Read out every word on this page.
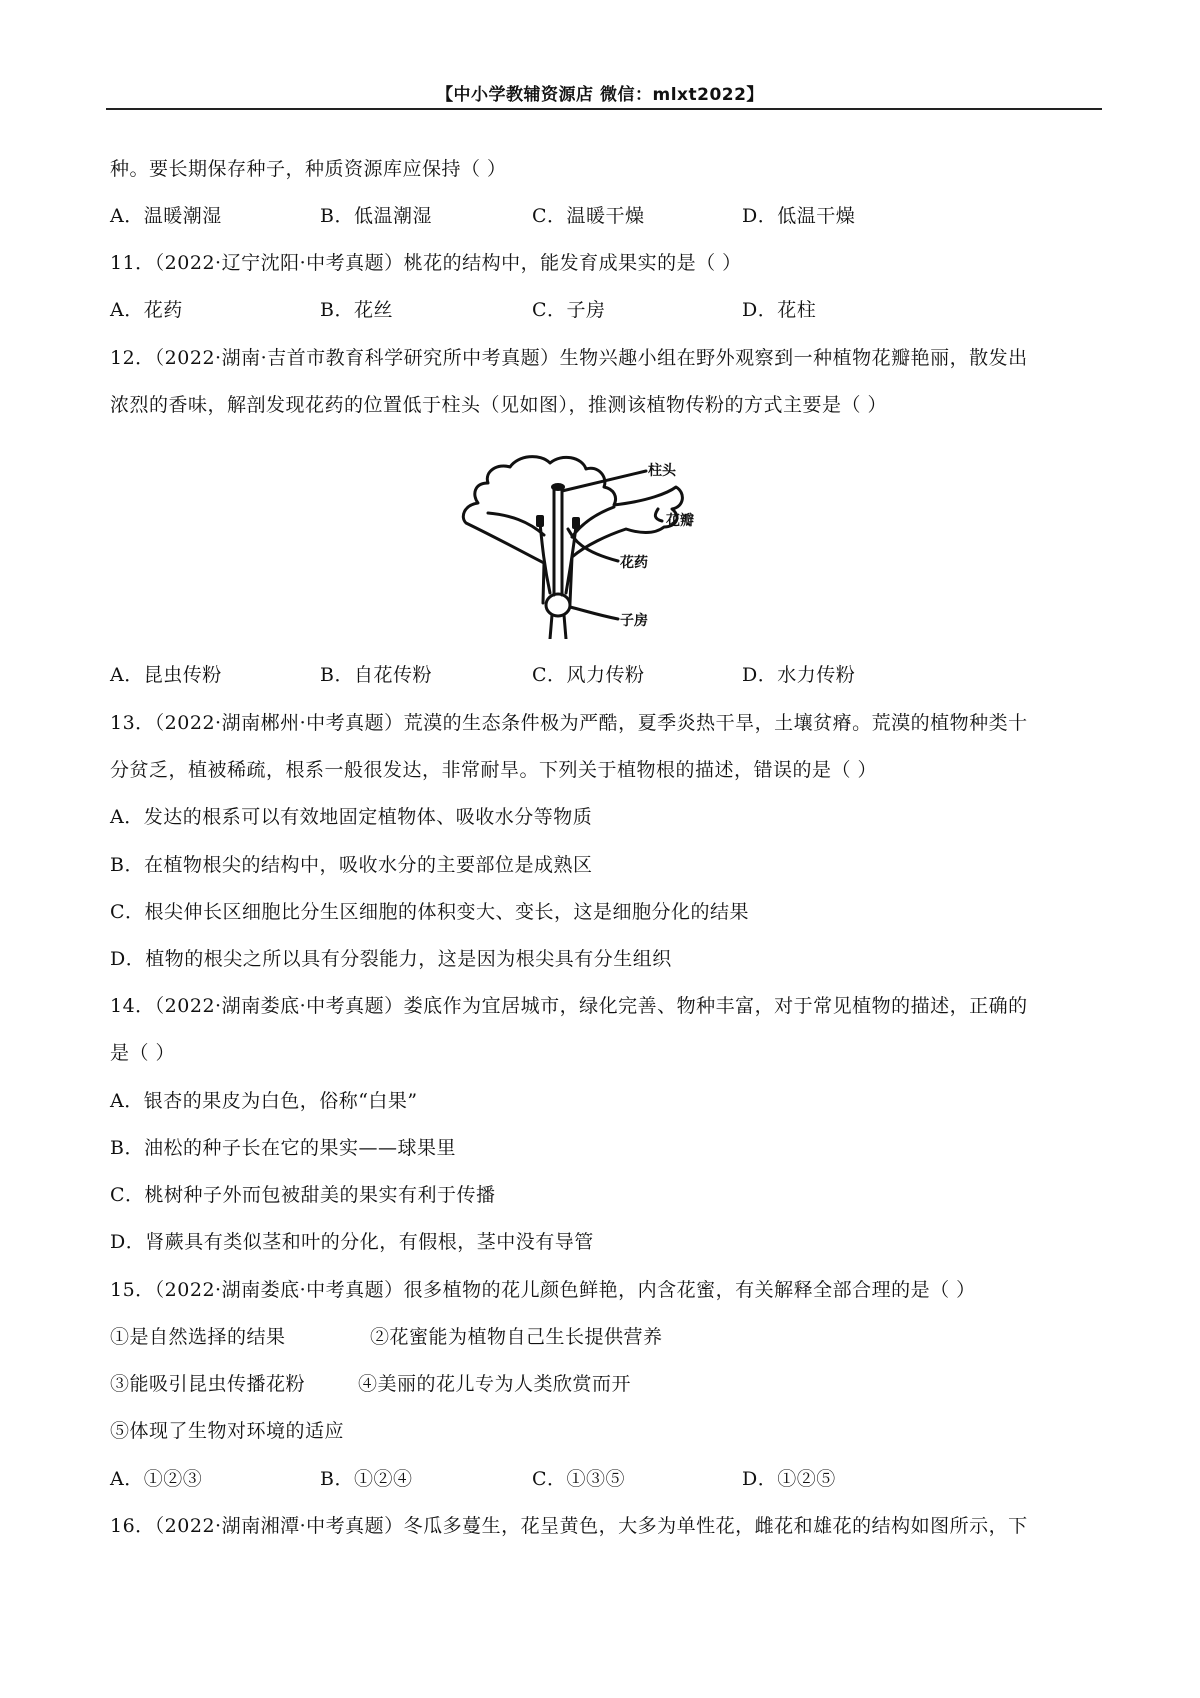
【中小学教辅资源店 微信：mlxt2022】
种。要长期保存种子，种质资源库应保持（ ）
A．温暖潮湿	B．低温潮湿	C．温暖干燥	D．低温干燥
11．（2022·辽宁沈阳·中考真题）桃花的结构中，能发育成果实的是（ ）
A．花药	B．花丝	C．子房	D．花柱
12．（2022·湖南·吉首市教育科学研究所中考真题）生物兴趣小组在野外观察到一种植物花瓣艳丽，散发出
浓烈的香味，解剖发现花药的位置低于柱头（见如图），推测该植物传粉的方式主要是（ ）
柱头
花瓣
花药
子房
A．昆虫传粉	B．自花传粉	C．风力传粉	D．水力传粉
13．（2022·湖南郴州·中考真题）荒漠的生态条件极为严酷，夏季炎热干旱，土壤贫瘠。荒漠的植物种类十
分贫乏，植被稀疏，根系一般很发达，非常耐旱。下列关于植物根的描述，错误的是（ ）
A．发达的根系可以有效地固定植物体、吸收水分等物质
B．在植物根尖的结构中，吸收水分的主要部位是成熟区
C．根尖伸长区细胞比分生区细胞的体积变大、变长，这是细胞分化的结果
D．植物的根尖之所以具有分裂能力，这是因为根尖具有分生组织
14．（2022·湖南娄底·中考真题）娄底作为宜居城市，绿化完善、物种丰富，对于常见植物的描述，正确的
是（ ）
A．银杏的果皮为白色，俗称“白果”
B．油松的种子长在它的果实——球果里
C．桃树种子外而包被甜美的果实有利于传播
D．肾蕨具有类似茎和叶的分化，有假根，茎中没有导管
15．（2022·湖南娄底·中考真题）很多植物的花儿颜色鲜艳，内含花蜜，有关解释全部合理的是（ ）
①是自然选择的结果	②花蜜能为植物自己生长提供营养
③能吸引昆虫传播花粉	④美丽的花儿专为人类欣赏而开
⑤体现了生物对环境的适应
A．①②③	B．①②④	C．①③⑤	D．①②⑤
16．（2022·湖南湘潭·中考真题）冬瓜多蔓生，花呈黄色，大多为单性花，雌花和雄花的结构如图所示，下
